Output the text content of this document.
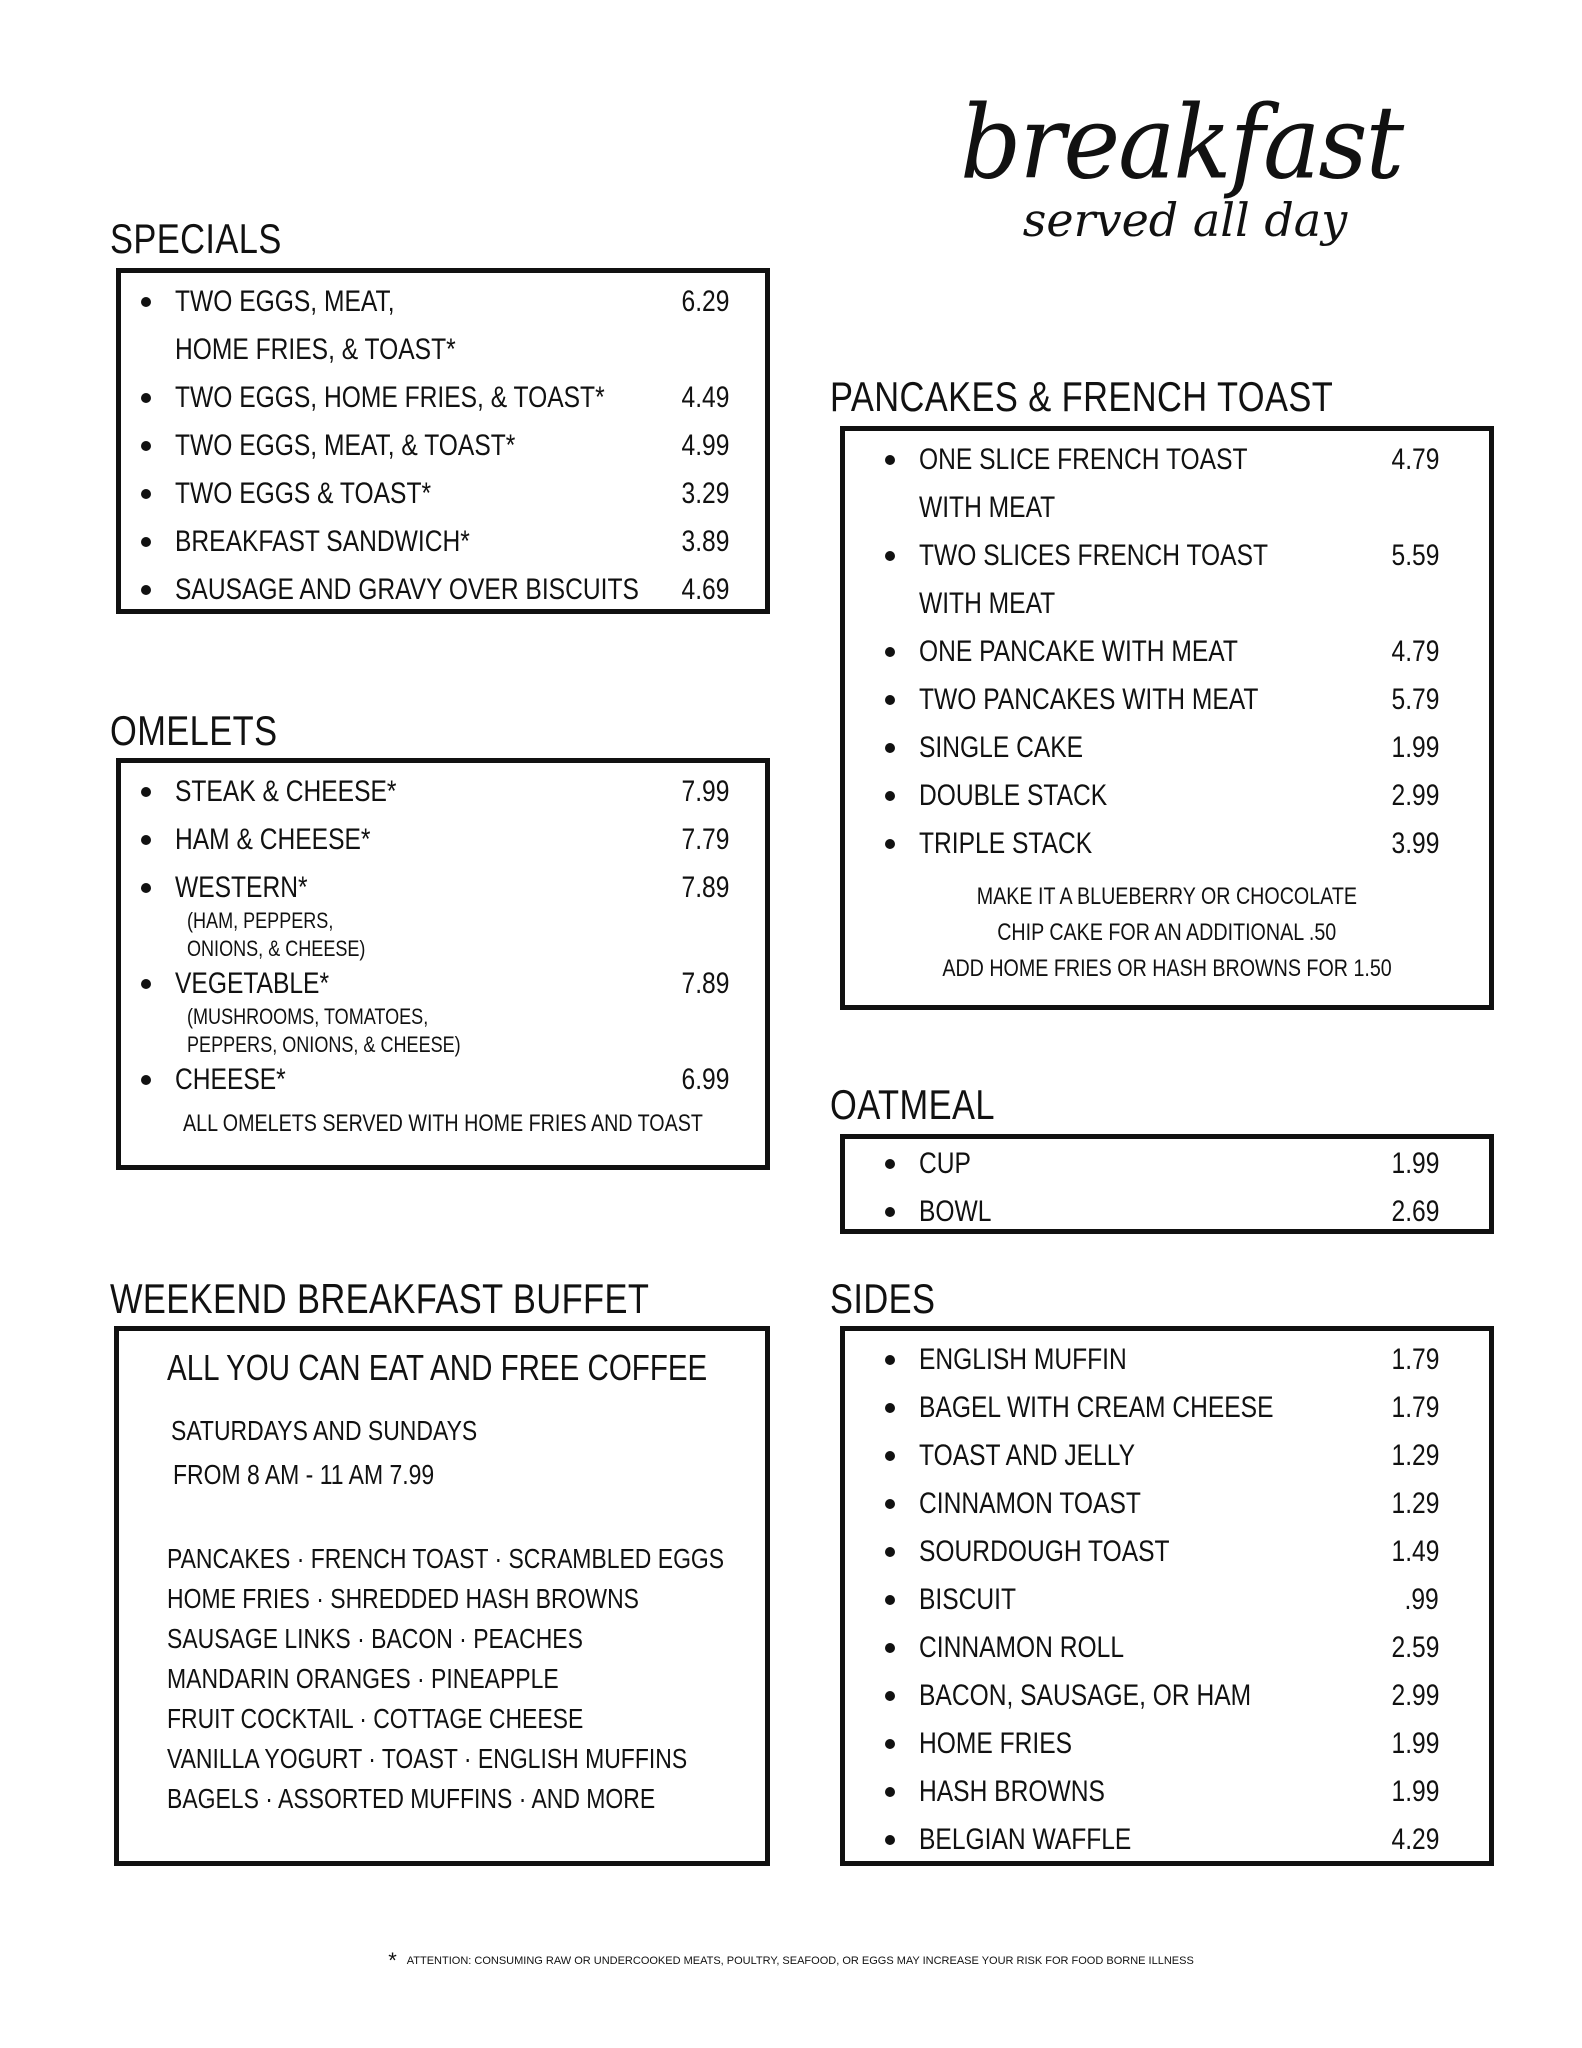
breakfast
served all day
SPECIALS
TWO EGGS, MEAT,	6.29
HOME FRIES, & TOAST*
TWO EGGS, HOME FRIES, & TOAST*	4.49
TWO EGGS, MEAT, & TOAST*	4.99
TWO EGGS & TOAST*	3.29
BREAKFAST SANDWICH*	3.89
SAUSAGE AND GRAVY OVER BISCUITS 4.69
OMELETS
STEAK & CHEESE*	7.99
HAM & CHEESE*	7.79
WESTERN*	7.89
(HAM, PEPPERS,
ONIONS, & CHEESE)
VEGETABLE*	7.89
(MUSHROOMS, TOMATOES,
PEPPERS, ONIONS, & CHEESE)
CHEESE*	6.99
ALL OMELETS SERVED WITH HOME FRIES AND TOAST
WEEKEND BREAKFAST BUFFET
ALL YOU CAN EAT AND FREE COFFEE
SATURDAYS AND SUNDAYS
FROM 8 AM - 11 AM 7.99
PANCAKES · FRENCH TOAST · SCRAMBLED EGGS
HOME FRIES · SHREDDED HASH BROWNS
SAUSAGE LINKS · BACON · PEACHES
MANDARIN ORANGES · PINEAPPLE
FRUIT COCKTAIL · COTTAGE CHEESE
VANILLA YOGURT · TOAST · ENGLISH MUFFINS
BAGELS · ASSORTED MUFFINS · AND MORE
PANCAKES & FRENCH TOAST
ONE SLICE FRENCH TOAST	4.79
WITH MEAT
TWO SLICES FRENCH TOAST	5.59
WITH MEAT
ONE PANCAKE WITH MEAT	4.79
TWO PANCAKES WITH MEAT	5.79
SINGLE CAKE	1.99
DOUBLE STACK	2.99
TRIPLE STACK	3.99
MAKE IT A BLUEBERRY OR CHOCOLATE
CHIP CAKE FOR AN ADDITIONAL .50
ADD HOME FRIES OR HASH BROWNS FOR 1.50
OATMEAL
CUP	1.99
BOWL	2.69
SIDES
ENGLISH MUFFIN	1.79
BAGEL WITH CREAM CHEESE	1.79
TOAST AND JELLY	1.29
CINNAMON TOAST	1.29
SOURDOUGH TOAST	1.49
BISCUIT	.99
CINNAMON ROLL	2.59
BACON, SAUSAGE, OR HAM	2.99
HOME FRIES	1.99
HASH BROWNS	1.99
BELGIAN WAFFLE	4.29
* ATTENTION: CONSUMING RAW OR UNDERCOOKED MEATS, POULTRY, SEAFOOD, OR EGGS MAY INCREASE YOUR RISK FOR FOOD BORNE ILLNESS
